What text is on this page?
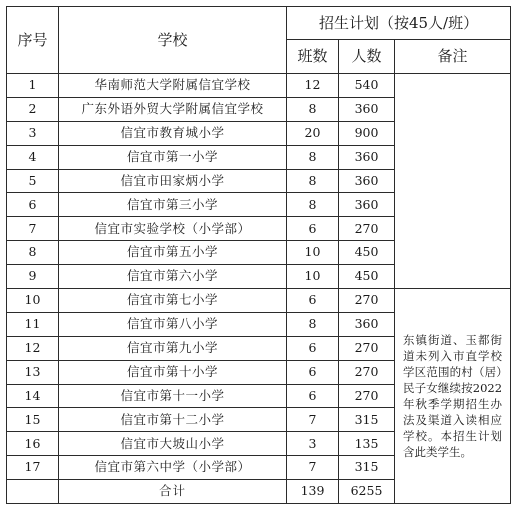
序号	学校	招生计划（按45人/班）		
		班数	人数	备注
1	华南师范大学附属信宜学校	12	540	
2	广东外语外贸大学附属信宜学校	8	360	
3	信宜市教育城小学	20	900	
4	信宜市第一小学	8	360	
5	信宜市田家炳小学	8	360	
6	信宜市第三小学	8	360	
7	信宜市实验学校（小学部）	6	270	
8	信宜市第五小学	10	450	
9	信宜市第六小学	10	450	
10	信宜市第七小学	6	270	东镇街道、玉都街道未列入市直学校学区范围的村（居）民子女继续按2022年秋季学期招生办法及渠道入读相应学校。本招生计划含此类学生。
11	信宜市第八小学	8	360	
12	信宜市第九小学	6	270	
13	信宜市第十小学	6	270	
14	信宜市第十一小学	6	270	
15	信宜市第十二小学	7	315	
16	信宜市大坡山小学	3	135	
17	信宜市第六中学（小学部）	7	315	
	合计	139	6255	
